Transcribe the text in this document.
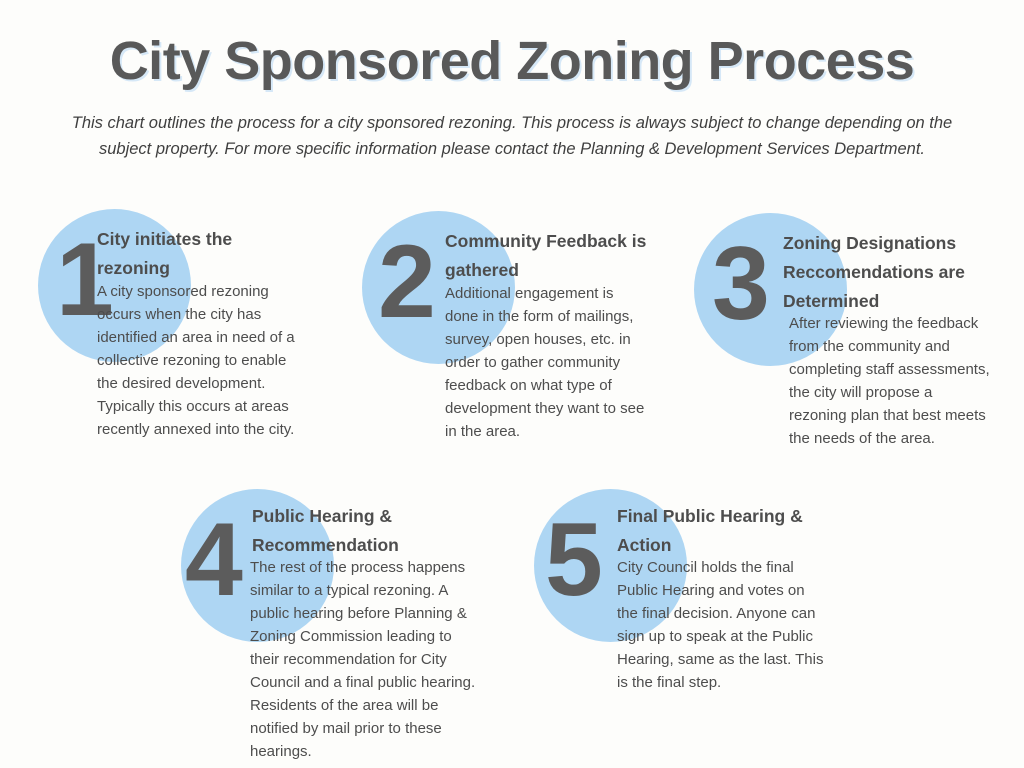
City Sponsored Zoning Process
This chart outlines the process for a city sponsored rezoning. This process is always subject to change depending on the subject property. For more specific information please contact the Planning & Development Services Department.
1
City initiates the rezoning
A city sponsored rezoning occurs when the city has identified an area in need of a collective rezoning to enable the desired development. Typically this occurs at areas recently annexed into the city.
2 Community Feedback is gathered
Additional engagement is done in the form of mailings, survey, open houses, etc. in order to gather community feedback on what type of development they want to see in the area.
3 Zoning Designations Reccomendations are Determined
After reviewing the feedback from the community and completing staff assessments, the city will propose a rezoning plan that best meets the needs of the area.
4 Public Hearing & Recommendation
The rest of the process happens similar to a typical rezoning. A public hearing before Planning & Zoning Commission leading to their recommendation for City Council and a final public hearing. Residents of the area will be notified by mail prior to these hearings.
5 Final Public Hearing & Action
City Council holds the final Public Hearing and votes on the final decision. Anyone can sign up to speak at the Public Hearing, same as the last. This is the final step.
